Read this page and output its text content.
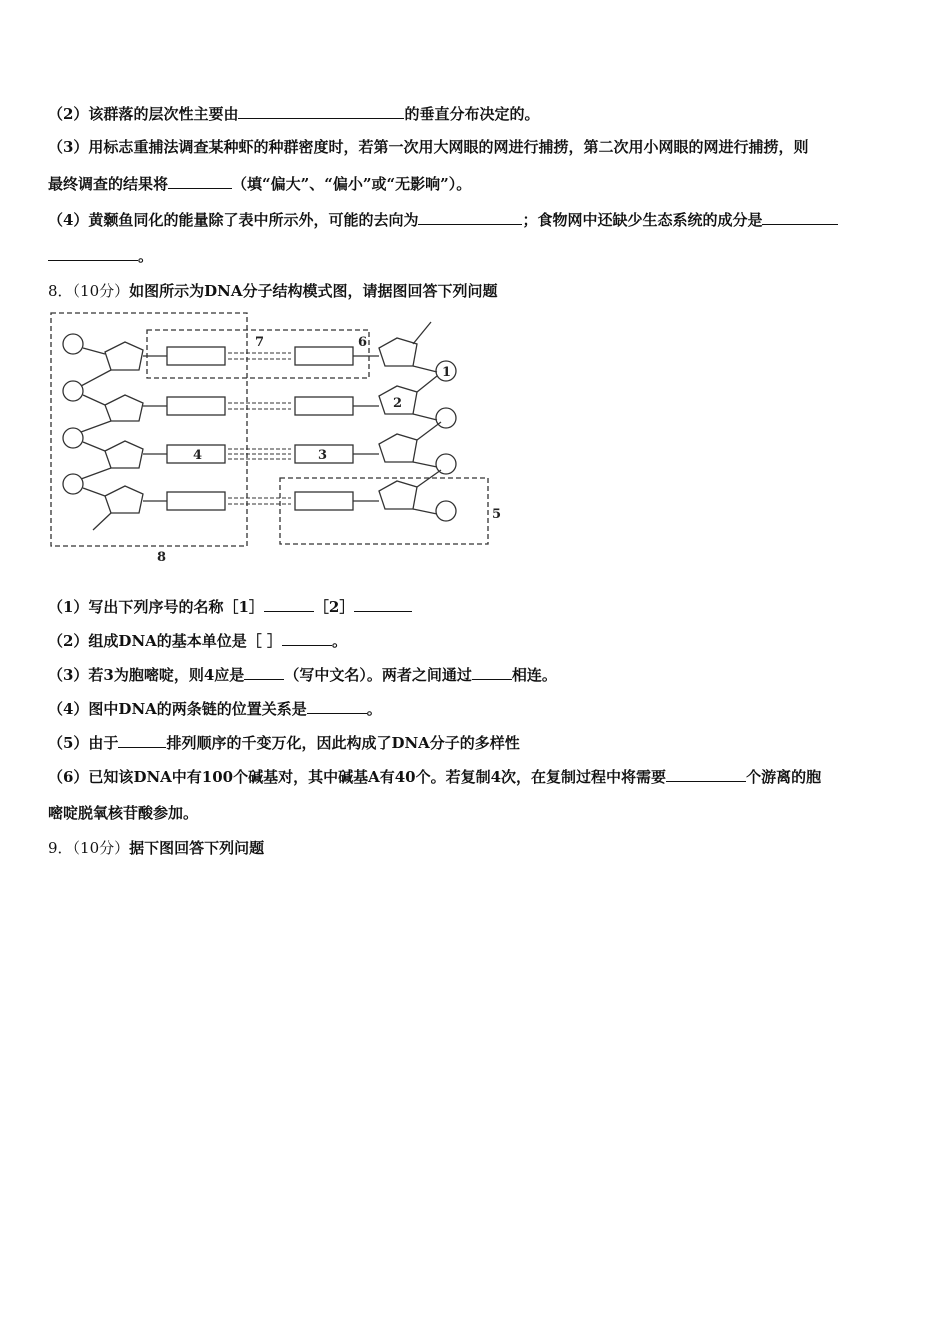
（2）该群落的层次性主要由	的垂直分布决定的。
（3）用标志重捕法调查某种虾的种群密度时，若第一次用大网眼的网进行捕捞，第二次用小网眼的网进行捕捞，则
最终调查的结果将	（填“偏大”、“偏小”或“无影响”）。
（4）黄颡鱼同化的能量除了表中所示外，可能的去向为	；食物网中还缺少生态系统的成分是
。
8．（10分）如图所示为DNA分子结构模式图，请据图回答下列问题
1
2
3
4
5
6
7
8
（1）写出下列序号的名称［1］	［2］
（2）组成DNA的基本单位是［ ］	。
（3）若3为胞嘧啶，则4应是	（写中文名）。两者之间通过	相连。
（4）图中DNA的两条链的位置关系是	。
（5）由于	排列顺序的千变万化，因此构成了DNA分子的多样性
（6）已知该DNA中有100个碱基对，其中碱基A有40个。若复制4次，在复制过程中将需要	个游离的胞
嘧啶脱氧核苷酸参加。
9．（10分）据下图回答下列问题
